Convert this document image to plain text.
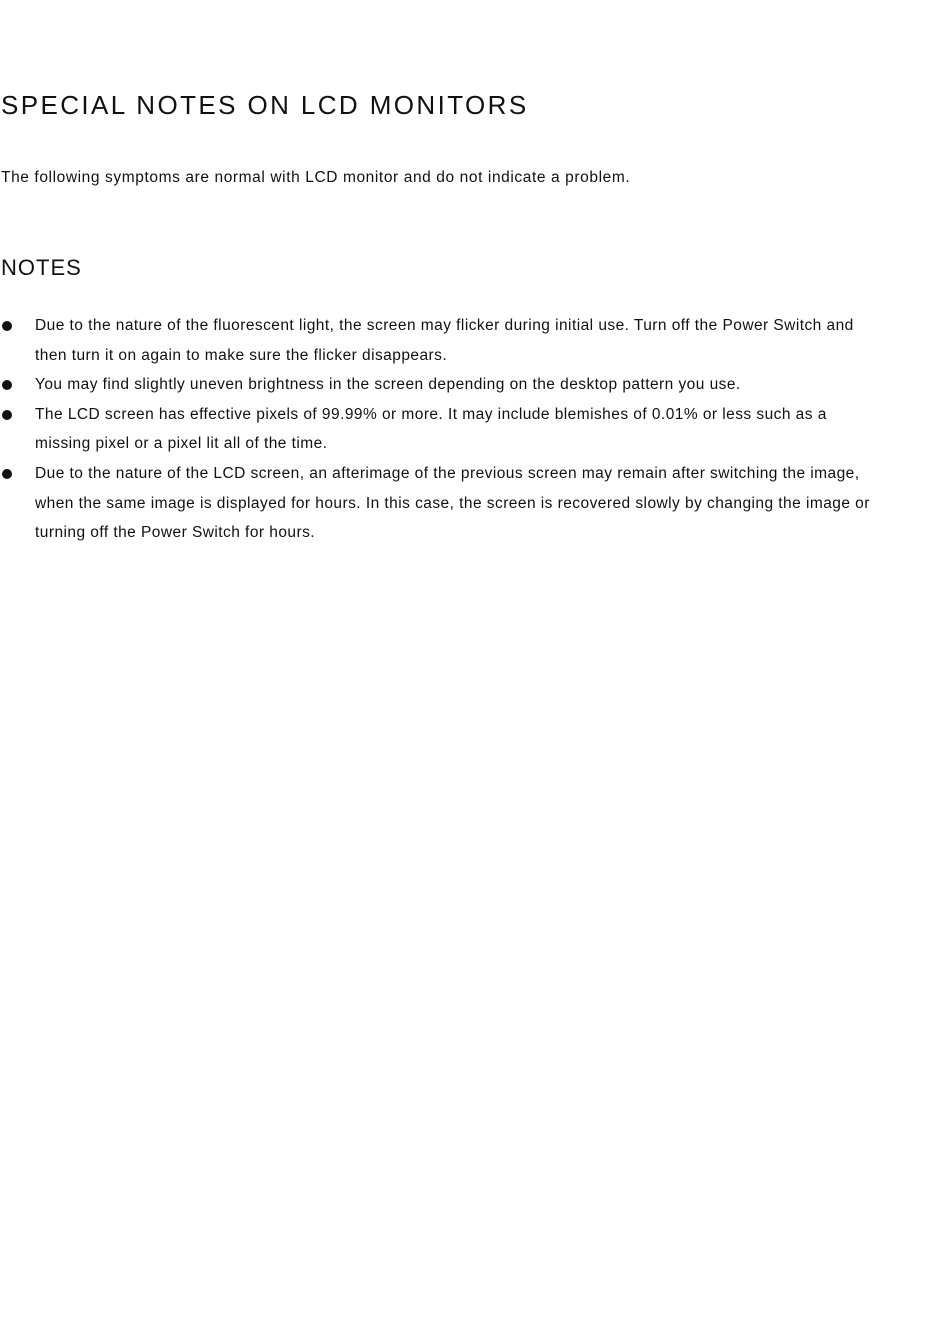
SPECIAL NOTES ON LCD MONITORS

The following symptoms are normal with LCD monitor and do not indicate a problem.

NOTES
Due to the nature of the fluorescent light, the screen may flicker during initial use. Turn off the Power Switch and then turn it on again to make sure the flicker disappears.
You may find slightly uneven brightness in the screen depending on the desktop pattern you use.
The LCD screen has effective pixels of 99.99% or more. It may include blemishes of 0.01% or less such as a missing pixel or a pixel lit all of the time.
Due to the nature of the LCD screen, an afterimage of the previous screen may remain after switching the image, when the same image is displayed for hours. In this case, the screen is recovered slowly by changing the image or turning off the Power Switch for hours.
